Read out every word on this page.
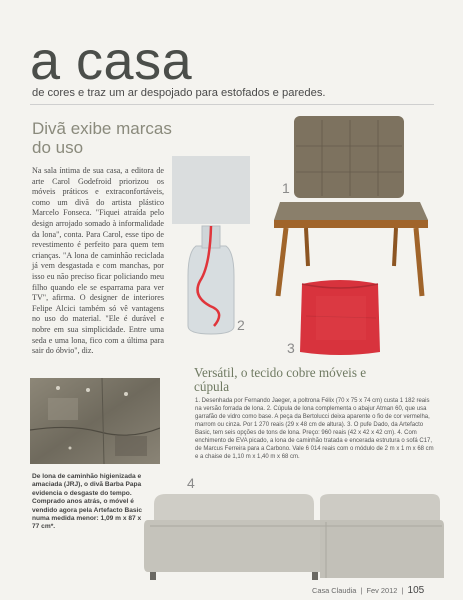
a casa
de cores e traz um ar despojado para estofados e paredes.
Divã exibe marcas do uso
Na sala íntima de sua casa, a editora de arte Carol Godefroid priorizou os móveis práticos e extraconfortáveis, como um divã do artista plástico Marcelo Fonseca. "Fiquei atraída pelo design arrojado somado à informalidade da lona", conta. Para Carol, esse tipo de revestimento é perfeito para quem tem crianças. "A lona de caminhão reciclada já vem desgastada e com manchas, por isso eu não preciso ficar policiando meu filho quando ele se esparrama para ver TV", afirma. O designer de interiores Felipe Alcici também só vê vantagens no uso do material. "Ele é durável e nobre em sua simplicidade. Entre uma seda e uma lona, fico com a última para sair do óbvio", diz.
De lona de caminhão higienizada e amaciada (JRJ), o divã Barba Papa evidencia o desgaste do tempo. Comprado anos atrás, o móvel é vendido agora pela Artefacto Basic numa medida menor: 1,09 m x 87 x 77 cm*.
1
2
3
Versátil, o tecido cobre móveis e cúpula
1. Desenhada por Fernando Jaeger, a poltrona Félix (70 x 75 x 74 cm) custa 1 182 reais na versão forrada de lona. 2. Cúpula de lona complementa o abajur Atman 60, que usa garrafão de vidro como base. A peça da Bertolucci deixa aparente o fio de cor vermelha, marrom ou cinza. Por 1 270 reais (29 x 48 cm de altura). 3. O pufe Dado, da Artefacto Basic, tem seis opções de tons de lona. Preço: 960 reais (42 x 42 x 42 cm). 4. Com enchimento de EVA picado, a lona de caminhão tratada e encerada estrutura o sofá C17, de Marcus Ferreira para a Carbono. Vale 6 014 reais com o módulo de 2 m x 1 m x 68 cm e a chaise de 1,10 m x 1,40 m x 68 cm.
4
Casa Claudia  |  Fev 2012  |  105
